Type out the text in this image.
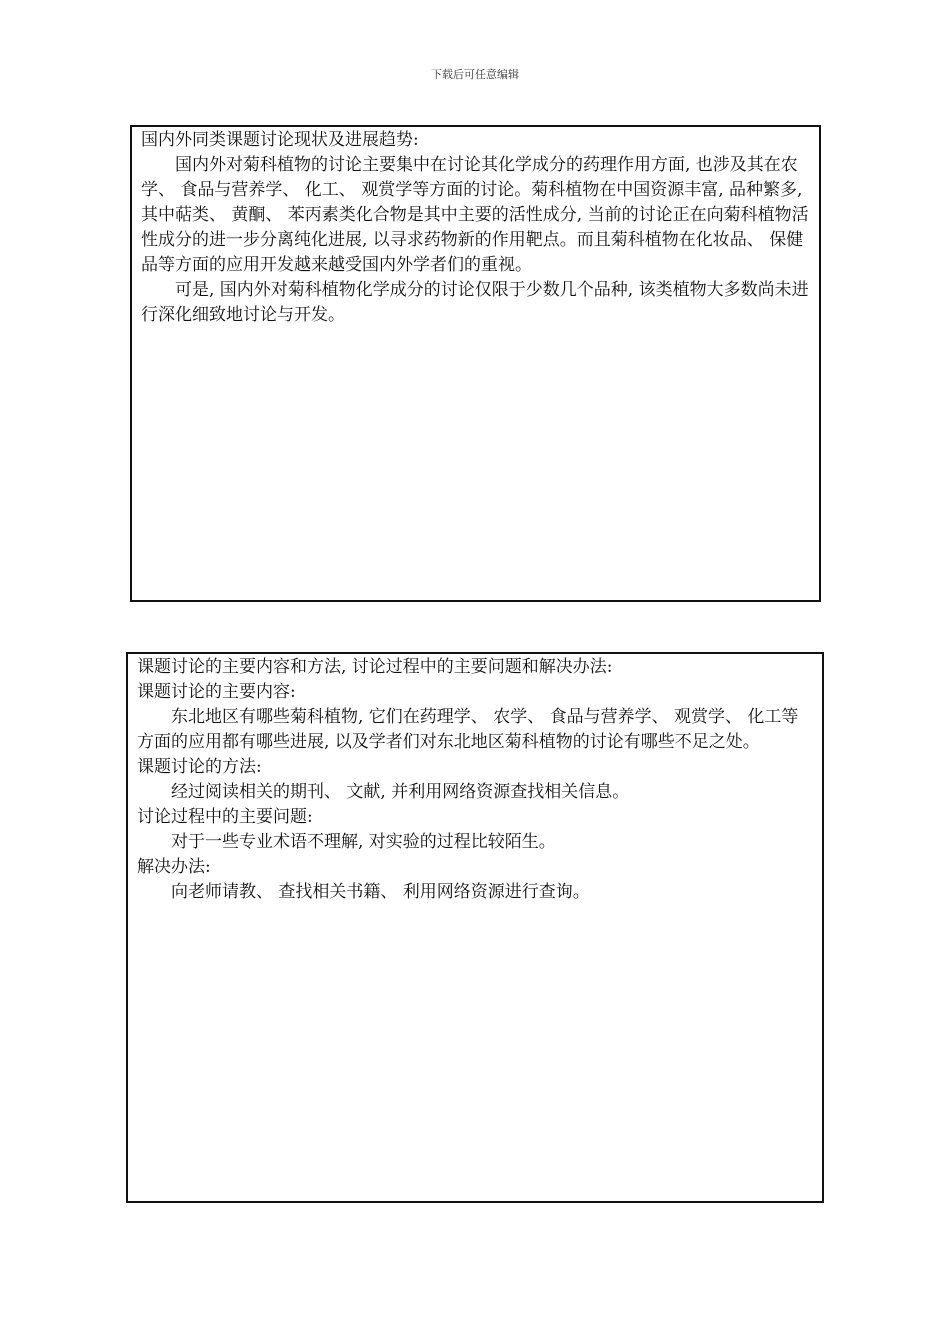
下载后可任意编辑

国内外同类课题讨论现状及进展趋势:

国内外对菊科植物的讨论主要集中在讨论其化学成分的药理作用方面, 也涉及其在农学、 食品与营养学、 化工、 观赏学等方面的讨论。菊科植物在中国资源丰富, 品种繁多, 其中萜类、 黄酮、 苯丙素类化合物是其中主要的活性成分, 当前的讨论正在向菊科植物活性成分的进一步分离纯化进展, 以寻求药物新的作用靶点。而且菊科植物在化妆品、 保健品等方面的应用开发越来越受国内外学者们的重视。

可是, 国内外对菊科植物化学成分的讨论仅限于少数几个品种, 该类植物大多数尚未进行深化细致地讨论与开发。

课题讨论的主要内容和方法, 讨论过程中的主要问题和解决办法:

课题讨论的主要内容:

东北地区有哪些菊科植物, 它们在药理学、 农学、 食品与营养学、 观赏学、 化工等方面的应用都有哪些进展, 以及学者们对东北地区菊科植物的讨论有哪些不足之处。

课题讨论的方法:

经过阅读相关的期刊、 文献, 并利用网络资源查找相关信息。

讨论过程中的主要问题:

对于一些专业术语不理解, 对实验的过程比较陌生。

解决办法:

向老师请教、 查找相关书籍、 利用网络资源进行查询。
